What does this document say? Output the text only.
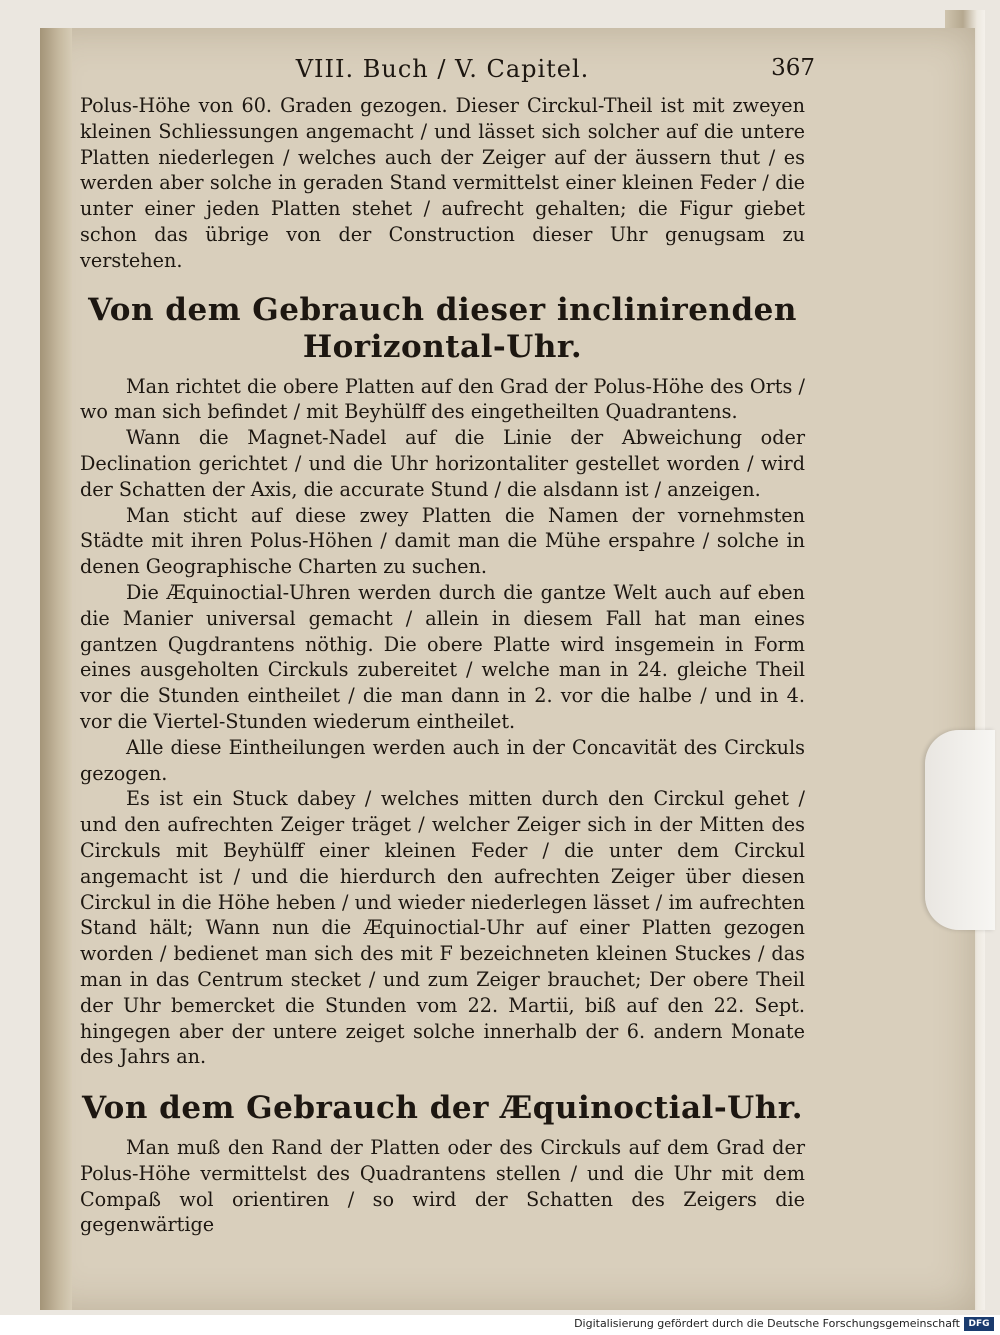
VIII. Buch / V. Capitel.	367

Polus-Höhe von 60. Graden gezogen. Dieser Circkul-Theil ist mit zweyen kleinen Schliessungen angemacht / und lässet sich solcher auf die untere Platten niederlegen / welches auch der Zeiger auf der äussern thut / es werden aber solche in geraden Stand vermittelst einer kleinen Feder / die unter einer jeden Platten stehet / aufrecht gehalten; die Figur giebet schon das übrige von der Construction dieser Uhr genugsam zu verstehen.

Von dem Gebrauch dieser inclinirenden Horizontal-Uhr.

Man richtet die obere Platten auf den Grad der Polus-Höhe des Orts / wo man sich befindet / mit Beyhülff des eingetheilten Quadrantens.

Wann die Magnet-Nadel auf die Linie der Abweichung oder Declination gerichtet / und die Uhr horizontaliter gestellet worden / wird der Schatten der Axis, die accurate Stund / die alsdann ist / anzeigen.

Man sticht auf diese zwey Platten die Namen der vornehmsten Städte mit ihren Polus-Höhen / damit man die Mühe erspahre / solche in denen Geographische Charten zu suchen.

Die Æquinoctial-Uhren werden durch die gantze Welt auch auf eben die Manier universal gemacht / allein in diesem Fall hat man eines gantzen Qugdrantens nöthig. Die obere Platte wird insgemein in Form eines ausgeholten Circkuls zubereitet / welche man in 24. gleiche Theil vor die Stunden eintheilet / die man dann in 2. vor die halbe / und in 4. vor die Viertel-Stunden wiederum eintheilet.

Alle diese Eintheilungen werden auch in der Concavität des Circkuls gezogen.

Es ist ein Stuck dabey / welches mitten durch den Circkul gehet / und den aufrechten Zeiger träget / welcher Zeiger sich in der Mitten des Circkuls mit Beyhülff einer kleinen Feder / die unter dem Circkul angemacht ist / und die hierdurch den aufrechten Zeiger über diesen Circkul in die Höhe heben / und wieder niederlegen lässet / im aufrechten Stand hält; Wann nun die Æquinoctial-Uhr auf einer Platten gezogen worden / bedienet man sich des mit F bezeichneten kleinen Stuckes / das man in das Centrum stecket / und zum Zeiger brauchet; Der obere Theil der Uhr bemercket die Stunden vom 22. Martii, biß auf den 22. Sept. hingegen aber der untere zeiget solche innerhalb der 6. andern Monate des Jahrs an.

Von dem Gebrauch der Æquinoctial-Uhr.

Man muß den Rand der Platten oder des Circkuls auf dem Grad der Polus-Höhe vermittelst des Quadrantens stellen / und die Uhr mit dem Compaß wol orientiren / so wird der Schatten des Zeigers die gegenwärtige

Digitalisierung gefördert durch die Deutsche Forschungsgemeinschaft DFG
